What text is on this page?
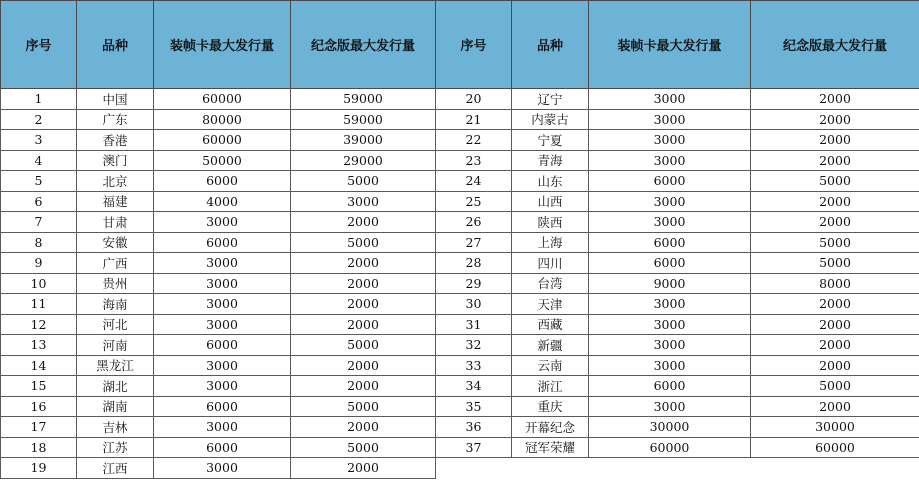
序号	品种	装帧卡最大发行量	纪念版最大发行量
1	中国	60000	59000
2	广东	80000	59000
3	香港	60000	39000
4	澳门	50000	29000
5	北京	6000	5000
6	福建	4000	3000
7	甘肃	3000	2000
8	安徽	6000	5000
9	广西	3000	2000
10	贵州	3000	2000
11	海南	3000	2000
12	河北	3000	2000
13	河南	6000	5000
14	黑龙江	3000	2000
15	湖北	3000	2000
16	湖南	6000	5000
17	吉林	3000	2000
18	江苏	6000	5000
19	江西	3000	2000
序号	品种	装帧卡最大发行量	纪念版最大发行量
20	辽宁	3000	2000
21	内蒙古	3000	2000
22	宁夏	3000	2000
23	青海	3000	2000
24	山东	6000	5000
25	山西	3000	2000
26	陕西	3000	2000
27	上海	6000	5000
28	四川	6000	5000
29	台湾	9000	8000
30	天津	3000	2000
31	西藏	3000	2000
32	新疆	3000	2000
33	云南	3000	2000
34	浙江	6000	5000
35	重庆	3000	2000
36	开幕纪念	30000	30000
37	冠军荣耀	60000	60000
